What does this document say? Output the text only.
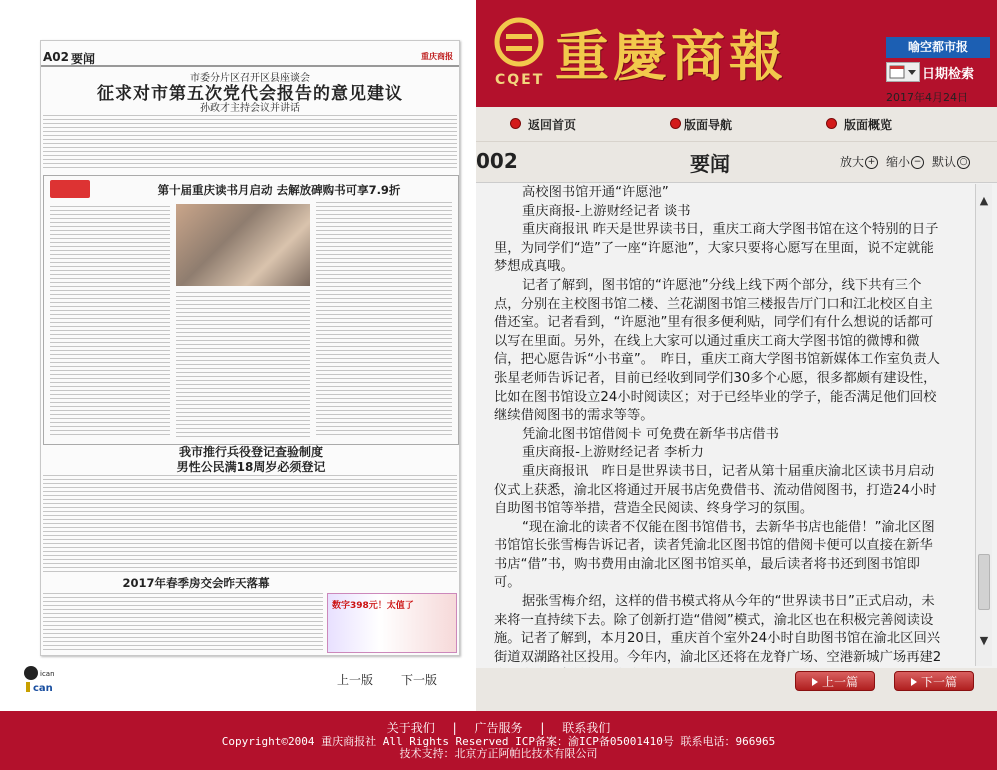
A02 要闻	重庆商报
市委分片区召开区县座谈会
征求对市第五次党代会报告的意见建议
孙政才主持会议并讲话
第十届重庆读书月启动 去解放碑购书可享7.9折
我市推行兵役登记查验制度
男性公民满18周岁必须登记
2017年春季房交会昨天落幕
数字398元！太值了
ican
can
上一版 下一版
CQET 重慶商報	喻空都市报
日期检索
2017年4月24日
返回首页	版面导航	版面概览
002	要闻	放大 + 缩小 − 默认 ○

高校图书馆开通“许愿池”

重庆商报-上游财经记者 谈书

重庆商报讯 昨天是世界读书日，重庆工商大学图书馆在这个特别的日子里，为同学们“造”了一座“许愿池”，大家只要将心愿写在里面，说不定就能梦想成真哦。

记者了解到，图书馆的“许愿池”分线上线下两个部分，线下共有三个点，分别在主校图书馆二楼、兰花湖图书馆三楼报告厅门口和江北校区自主借还室。记者看到，“许愿池”里有很多便利贴，同学们有什么想说的话都可以写在里面。另外，在线上大家可以通过重庆工商大学图书馆的微博和微信，把心愿告诉“小书童”。　昨日，重庆工商大学图书馆新媒体工作室负责人张星老师告诉记者，目前已经收到同学们30多个心愿，很多都颇有建设性，比如在图书馆设立24小时阅读区；对于已经毕业的学子，能否满足他们回校继续借阅图书的需求等等。

凭渝北图书馆借阅卡 可免费在新华书店借书

重庆商报-上游财经记者 李析力

重庆商报讯　昨日是世界读书日，记者从第十届重庆渝北区读书月启动仪式上获悉，渝北区将通过开展书店免费借书、流动借阅图书，打造24小时自助图书馆等举措，营造全民阅读、终身学习的氛围。

“现在渝北的读者不仅能在图书馆借书，去新华书店也能借！”渝北区图书馆馆长张雪梅告诉记者，读者凭渝北区图书馆的借阅卡便可以直接在新华书店“借”书，购书费用由渝北区图书馆买单，最后读者将书还到图书馆即可。

据张雪梅介绍，这样的借书模式将从今年的“世界读书日”正式启动，未来将一直持续下去。除了创新打造“借阅”模式，渝北区也在积极完善阅读设施。记者了解到，本月20日，重庆首个室外24小时自助图书馆在渝北区回兴街道双湖路社区投用。今年内，渝北区还将在龙脊广场、空港新城广场再建2

▲
▼
上一篇	下一篇
关于我们 | 广告服务 | 联系我们
Copyright©2004 重庆商报社 All Rights Reserved ICP备案：渝ICP备05001410号 联系电话：966965
技术支持：北京方正阿帕比技术有限公司
